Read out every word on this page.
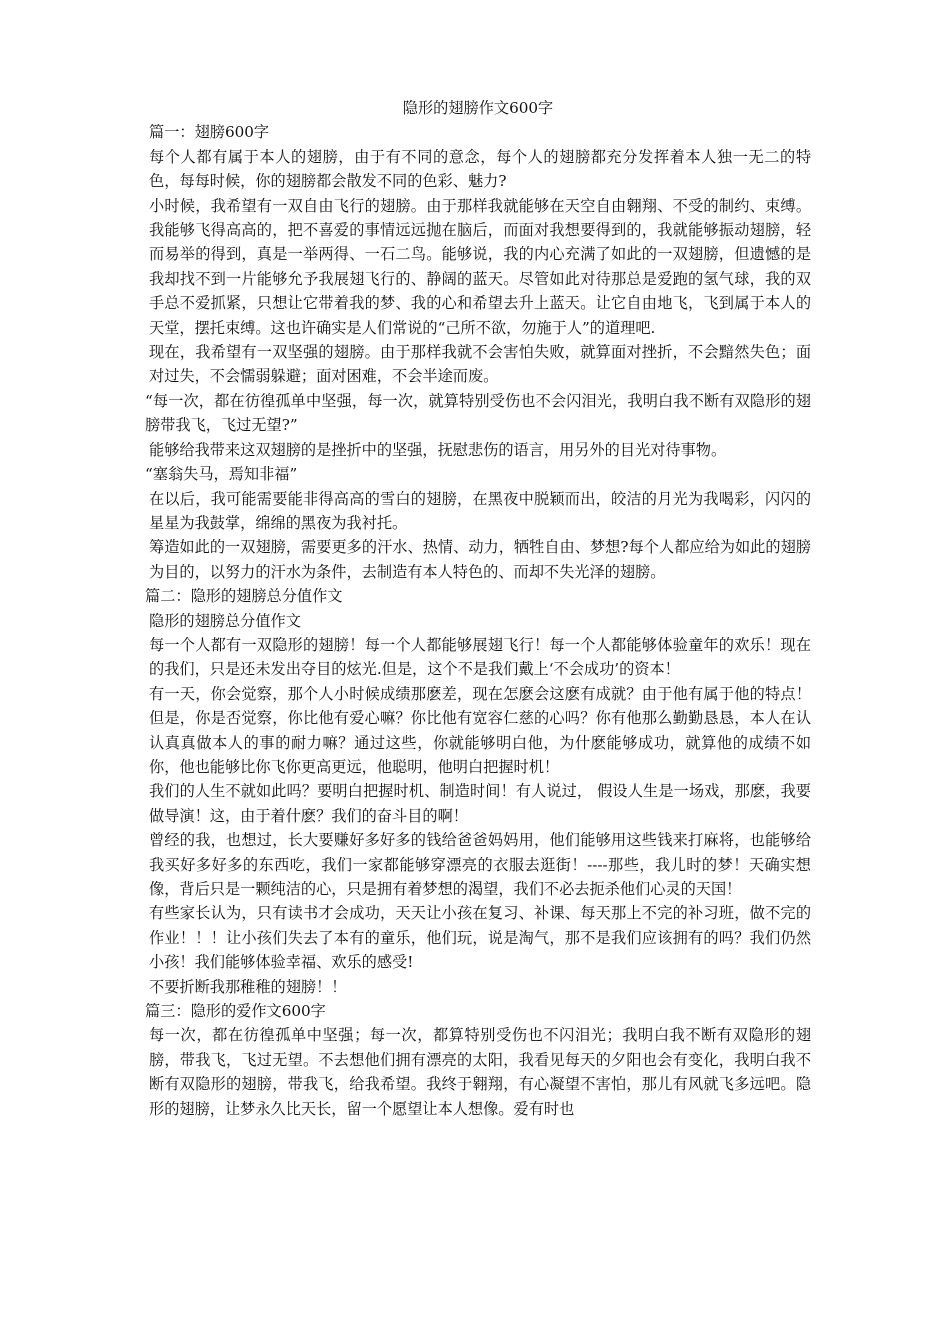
隐形的翅膀作文600字

篇一：翅膀600字

每个人都有属于本人的翅膀，由于有不同的意念，每个人的翅膀都充分发挥着本人独一无二的特色，每每时候，你的翅膀都会散发不同的色彩、魅力?

小时候，我希望有一双自由飞行的翅膀。由于那样我就能够在天空自由翱翔、不受的制约、束缚。我能够飞得高高的，把不喜爱的事情远远抛在脑后，而面对我想要得到的，我就能够振动翅膀，轻而易举的得到，真是一举两得、一石二鸟。能够说，我的内心充满了如此的一双翅膀，但遗憾的是我却找不到一片能够允予我展翅飞行的、静阔的蓝天。尽管如此对待那总是爱跑的氢气球，我的双手总不爱抓紧，只想让它带着我的梦、我的心和希望去升上蓝天。让它自由地飞，飞到属于本人的天堂，摆托束缚。这也许确实是人们常说的“己所不欲，勿施于人”的道理吧.

现在，我希望有一双坚强的翅膀。由于那样我就不会害怕失败，就算面对挫折，不会黯然失色；面对过失，不会懦弱躲避；面对困难，不会半途而废。

“每一次，都在彷徨孤单中坚强，每一次，就算特别受伤也不会闪泪光，我明白我不断有双隐形的翅膀带我飞，飞过无望?”

能够给我带来这双翅膀的是挫折中的坚强，抚慰悲伤的语言，用另外的目光对待事物。

“塞翁失马，焉知非福”

在以后，我可能需要能非得高高的雪白的翅膀，在黑夜中脱颖而出，皎洁的月光为我喝彩，闪闪的星星为我鼓掌，绵绵的黑夜为我衬托。

筹造如此的一双翅膀，需要更多的汗水、热情、动力，牺牲自由、梦想?每个人都应给为如此的翅膀为目的，以努力的汗水为条件，去制造有本人特色的、而却不失光泽的翅膀。

篇二：隐形的翅膀总分值作文

隐形的翅膀总分值作文

每一个人都有一双隐形的翅膀！每一个人都能够展翅飞行！每一个人都能够体验童年的欢乐！现在的我们，只是还未发出夺目的炫光.但是，这个不是我们戴上‘不会成功’的资本！

有一天，你会觉察，那个人小时候成绩那麽差，现在怎麽会这麽有成就？由于他有属于他的特点！但是，你是否觉察，你比他有爱心嘛？你比他有宽容仁慈的心吗？你有他那么勤勤恳恳，本人在认认真真做本人的事的耐力嘛？通过这些，你就能够明白他，为什麽能够成功，就算他的成绩不如你，他也能够比你飞你更高更远，他聪明，他明白把握时机！

我们的人生不就如此吗？要明白把握时机、制造时间！有人说过， 假设人生是一场戏，那麽，我要做导演！这，由于着什麽？我们的奋斗目的啊！

曾经的我，也想过，长大要赚好多好多的钱给爸爸妈妈用，他们能够用这些钱来打麻将，也能够给我买好多好多的东西吃，我们一家都能够穿漂亮的衣服去逛街！----那些，我儿时的梦！天确实想像，背后只是一颗纯洁的心，只是拥有着梦想的渴望，我们不必去扼杀他们心灵的天国！

有些家长认为，只有读书才会成功，天天让小孩在复习、补课、每天那上不完的补习班，做不完的作业！！！让小孩们失去了本有的童乐，他们玩，说是淘气，那不是我们应该拥有的吗？我们仍然小孩！我们能够体验幸福、欢乐的感受!

不要折断我那稚稚的翅膀！！

篇三：隐形的爱作文600字

每一次，都在彷徨孤单中坚强；每一次，都算特别受伤也不闪泪光；我明白我不断有双隐形的翅膀，带我飞，飞过无望。不去想他们拥有漂亮的太阳，我看见每天的夕阳也会有变化，我明白我不断有双隐形的翅膀，带我飞，给我希望。我终于翱翔，有心凝望不害怕，那儿有风就飞多远吧。隐形的翅膀，让梦永久比天长，留一个愿望让本人想像。爱有时也
